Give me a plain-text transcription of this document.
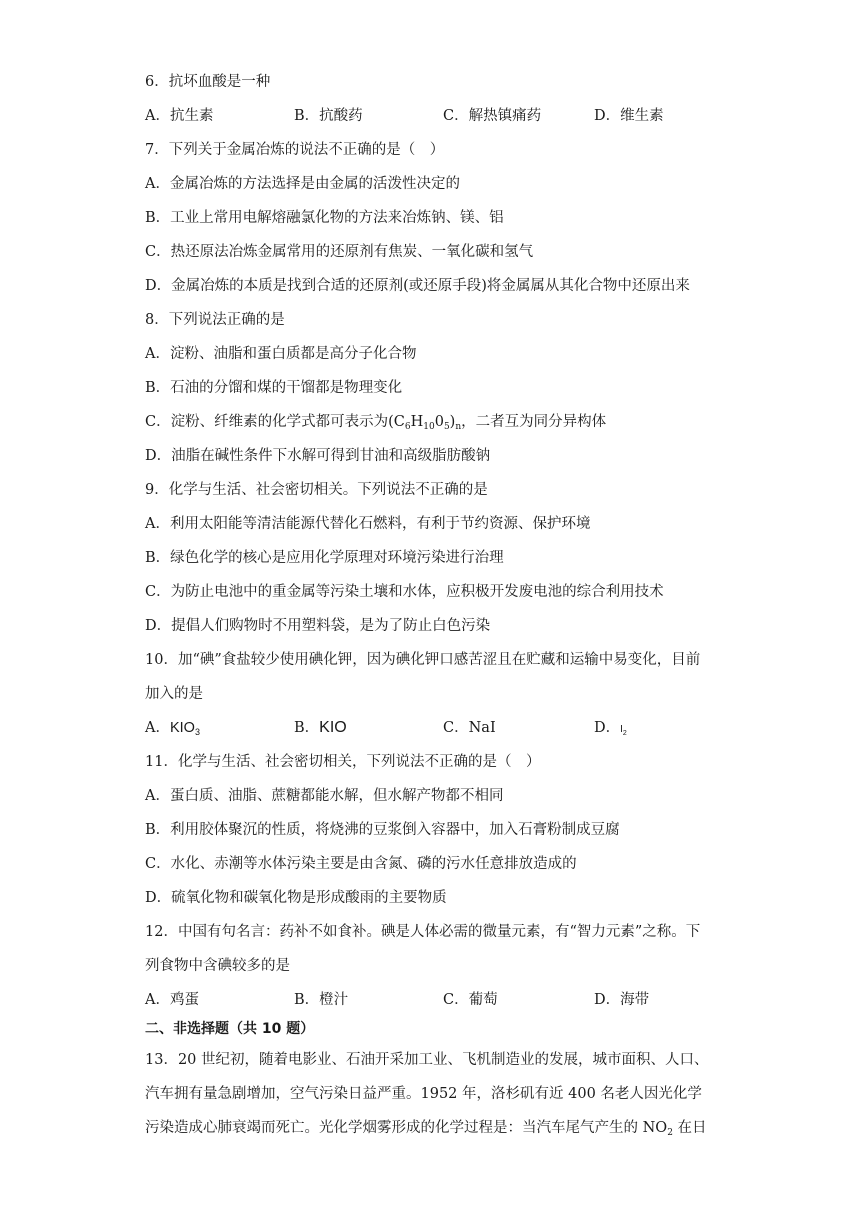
6．抗坏血酸是一种
A．抗生素	B．抗酸药	C．解热镇痛药	D．维生素
7．下列关于金属冶炼的说法不正确的是（　）
A．金属冶炼的方法选择是由金属的活泼性决定的
B．工业上常用电解熔融氯化物的方法来冶炼钠、镁、铝
C．热还原法冶炼金属常用的还原剂有焦炭、一氧化碳和氢气
D．金属冶炼的本质是找到合适的还原剂(或还原手段)将金属属从其化合物中还原出来
8．下列说法正确的是
A．淀粉、油脂和蛋白质都是高分子化合物
B．石油的分馏和煤的干馏都是物理变化
C．淀粉、纤维素的化学式都可表示为$(C_6H_{10}0_5)_n$，二者互为同分异构体
D．油脂在碱性条件下水解可得到甘油和高级脂肪酸钠
9．化学与生活、社会密切相关。下列说法不正确的是
A．利用太阳能等清洁能源代替化石燃料，有利于节约资源、保护环境
B．绿色化学的核心是应用化学原理对环境污染进行治理
C．为防止电池中的重金属等污染土壤和水体，应积极开发废电池的综合利用技术
D．提倡人们购物时不用塑料袋，是为了防止白色污染
10．加“碘”食盐较少使用碘化钾，因为碘化钾口感苦涩且在贮藏和运输中易变化，目前
加入的是
A．$KIO_3$	B．KIO	C．NaI	D．$I_2$
11．化学与生活、社会密切相关，下列说法不正确的是（　）
A．蛋白质、油脂、蔗糖都能水解，但水解产物都不相同
B．利用胶体聚沉的性质，将烧沸的豆浆倒入容器中，加入石膏粉制成豆腐
C．水化、赤潮等水体污染主要是由含氮、磷的污水任意排放造成的
D．硫氧化物和碳氧化物是形成酸雨的主要物质
12．中国有句名言：药补不如食补。碘是人体必需的微量元素，有“智力元素”之称。下
列食物中含碘较多的是
A．鸡蛋	B．橙汁	C．葡萄	D．海带
二、非选择题（共 10 题）
13．20 世纪初，随着电影业、石油开采加工业、飞机制造业的发展，城市面积、人口、
汽车拥有量急剧增加，空气污染日益严重。1952 年，洛杉矶有近 400 名老人因光化学
污染造成心肺衰竭而死亡。光化学烟雾形成的化学过程是：当汽车尾气产生的 $NO_2$ 在日
